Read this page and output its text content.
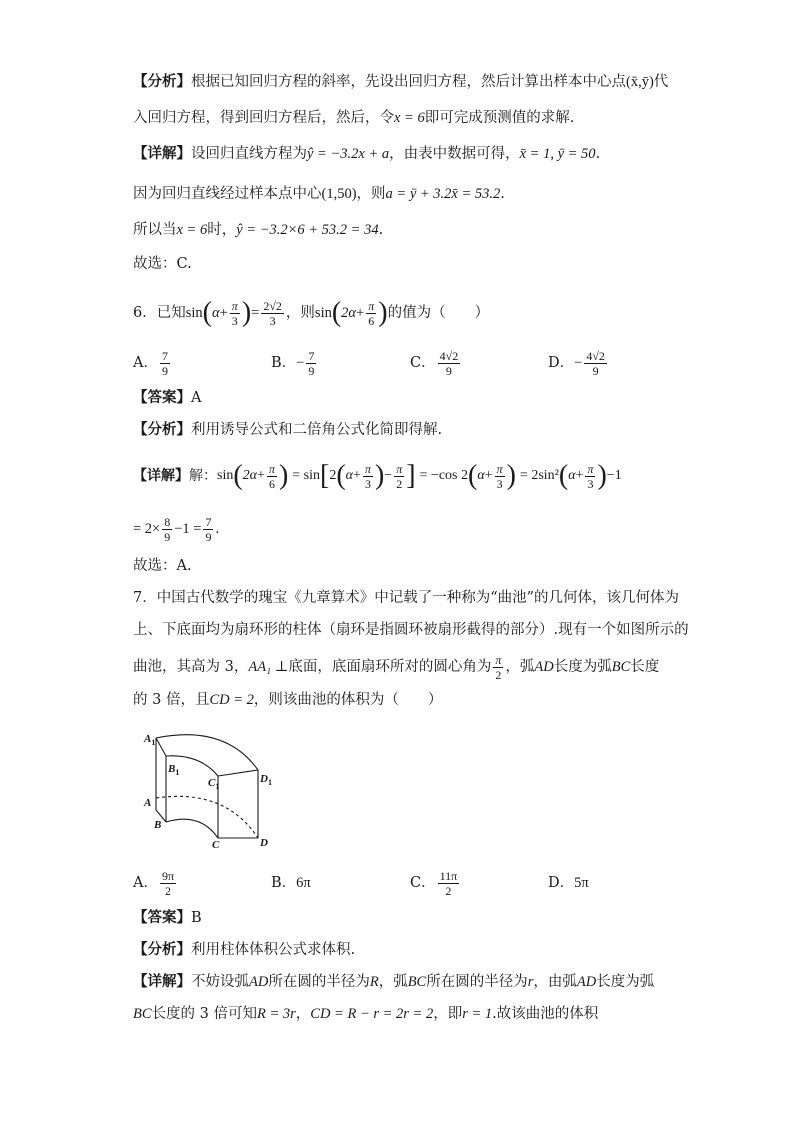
【分析】根据已知回归方程的斜率，先设出回归方程，然后计算出样本中心点(x̄,ȳ)代
入回归方程，得到回归方程后，然后，令x = 6即可完成预测值的求解.
【详解】设回归直线方程为ŷ = −3.2x + a，由表中数据可得，x̄ = 1, ȳ = 50.
因为回归直线经过样本点中心(1,50)，则a = ȳ + 3.2x̄ = 53.2.
所以当x = 6时，ŷ = −3.2×6 + 53.2 = 34.
故选：C.
6．已知 sin ( $\alpha + \frac{\pi}{3}$ ) = $\frac{2√2}{3}$ ，则 sin ( $2\alpha + \frac{\pi}{6}$ ) 的值为（　　）
A． $\frac{7}{9}$	B． − $\frac{7}{9}$	C． $\frac{4√2}{9}$	D． − $\frac{4√2}{9}$
【答案】A
【分析】利用诱导公式和二倍角公式化简即得解.
【详解】 解： sin ( $2\alpha + \frac{\pi}{6}$ ) = sin [ 2 ( $\alpha + \frac{\pi}{3}$ ) − $\frac{\pi}{2}$ ] = −cos 2 ( $\alpha + \frac{\pi}{3}$ ) = 2sin² ( $\alpha + \frac{\pi}{3}$ ) −1
= $2\times \frac{8}{9} -1 = \frac{7}{9}$ .
故选：A.
7．中国古代数学的瑰宝《九章算术》中记载了一种称为“曲池”的几何体，该几何体为
上、下底面均为扇环形的柱体（扇环是指圆环被扇形截得的部分）.现有一个如图所示的
曲池，其高为 3， AA₁ ⊥ 底面，底面扇环所对的圆心角为 $\frac{\pi}{2}$ ，弧 AD 长度为弧 BC 长度
的 3 倍，且CD = 2，则该曲池的体积为（　　）
$A_1$
$B_1$
$C_1$
$D_1$
A
B
C	D
A． $\frac{9\pi}{2}$	B． 6π	C． $\frac{11\pi}{2}$	D． 5π
【答案】B
【分析】利用柱体体积公式求体积.
【详解】不妨设弧AD所在圆的半径为R，弧BC所在圆的半径为r，由弧AD长度为弧
BC长度的 3 倍可知R = 3r，CD = R − r = 2r = 2，即r = 1.故该曲池的体积
